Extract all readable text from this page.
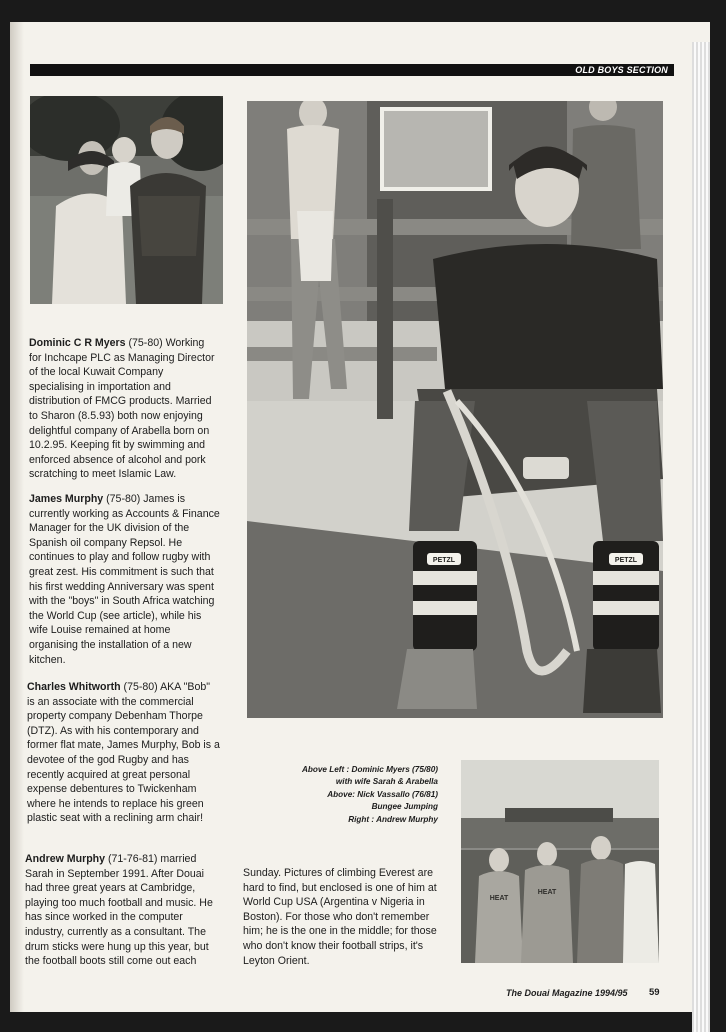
OLD BOYS SECTION
PETZL	PETZL
HEAT
HEAT
Dominic C R Myers (75-80) Working for Inchcape PLC as Managing Director of the local Kuwait Company specialising in importation and distribution of FMCG products. Married to Sharon (8.5.93) both now enjoying delightful company of Arabella born on 10.2.95. Keeping fit by swimming and enforced absence of alcohol and pork scratching to meet Islamic Law.
James Murphy (75-80) James is currently working as Accounts & Finance Manager for the UK division of the Spanish oil company Repsol. He continues to play and follow rugby with great zest. His commitment is such that his first wedding Anniversary was spent with the "boys" in South Africa watching the World Cup (see article), while his wife Louise remained at home organising the installation of a new kitchen.
Charles Whitworth (75-80) AKA "Bob" is an associate with the commercial property company Debenham Thorpe (DTZ). As with his contemporary and former flat mate, James Murphy, Bob is a devotee of the god Rugby and has recently acquired at great personal expense debentures to Twickenham where he intends to replace his green plastic seat with a reclining arm chair!
Andrew Murphy (71-76-81) married Sarah in September 1991. After Douai had three great years at Cambridge, playing too much football and music. He has since worked in the computer industry, currently as a consultant. The drum sticks were hung up this year, but the football boots still come out each
Sunday. Pictures of climbing Everest are hard to find, but enclosed is one of him at World Cup USA (Argentina v Nigeria in Boston). For those who don't remember him; he is the one in the middle; for those who don't know their football strips, it's Leyton Orient.
Above Left : Dominic Myers (75/80)
with wife Sarah & Arabella
Above: Nick Vassallo (76/81)
Bungee Jumping
Right : Andrew Murphy
The Douai Magazine 1994/95 59
